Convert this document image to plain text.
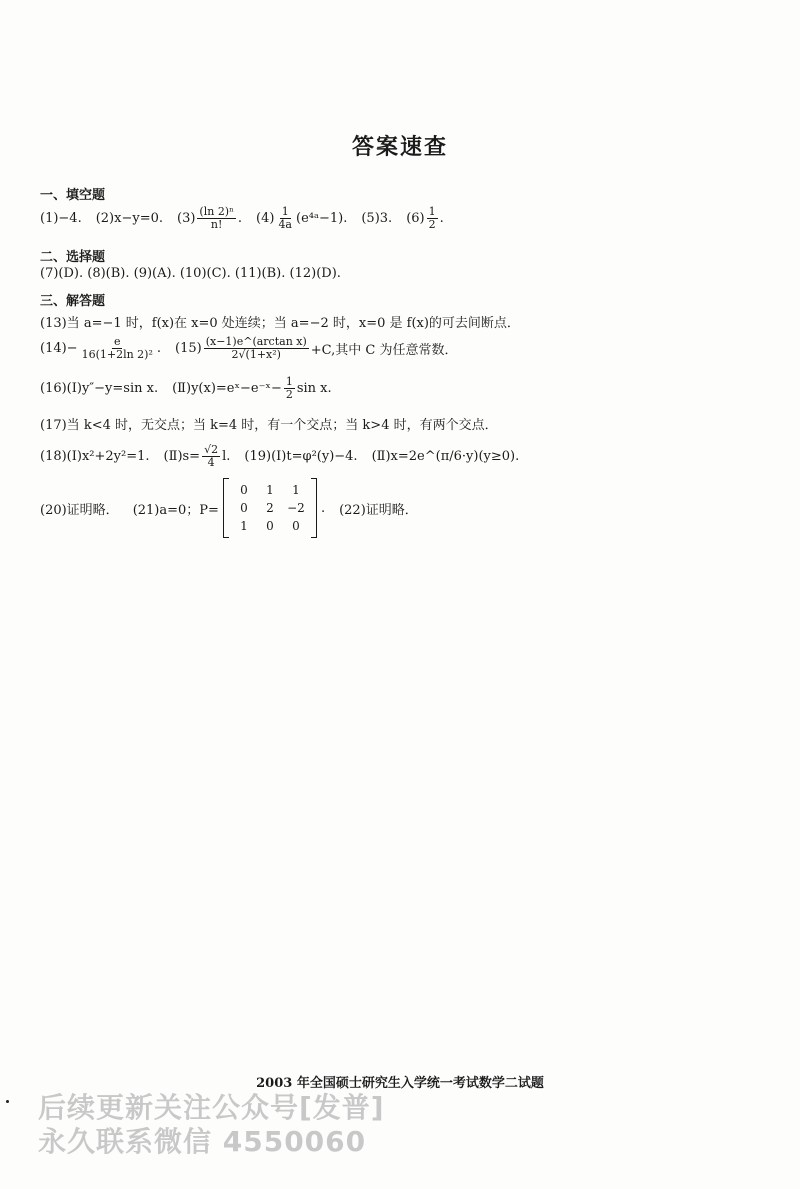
答案速查
一、填空题
(1)−4. (2)x−y=0. $(3) \frac{\text{(ln 2)ⁿ}}{n!}$ . $(4) \frac{1}{4a}$ (e⁴ᵃ−1). (5)3. $(6) \frac{1}{2}$ .
二、选择题
(7)(D). (8)(B). (9)(A). (10)(C). (11)(B). (12)(D).
三、解答题
(13)当 a=−1 时，f(x)在 x=0 处连续；当 a=−2 时，x=0 是 f(x)的可去间断点．
$(14)- \frac{e}{\text{16(1+2ln 2)²}}$ . $(15) \frac{\text{(x−1)e\textasciicircum{}(arctan x)}}{\text{2√(1+x²)}} +C$,其中 C 为任意常数．
(16)(Ⅰ)y″−y=sin x. (Ⅱ)y(x)=eˣ−e⁻ˣ− $\frac{1}{2}$ sin x.
(17)当 k<4 时，无交点；当 k=4 时，有一个交点；当 k>4 时，有两个交点．
(18)(Ⅰ)x²+2y²=1. (Ⅱ)s= $\frac{√2}{4} l$. (19)(Ⅰ)t=φ²(y)−4. (Ⅱ)x=2e^(π/6·y)(y≥0).
(20)证明略． (21)a=0；P=
0	1	1
0	2	−2
1	0	0
. (22)证明略．
2003 年全国硕士研究生入学统一考试数学二试题
后续更新关注公众号[发普]
永久联系微信 4550060
